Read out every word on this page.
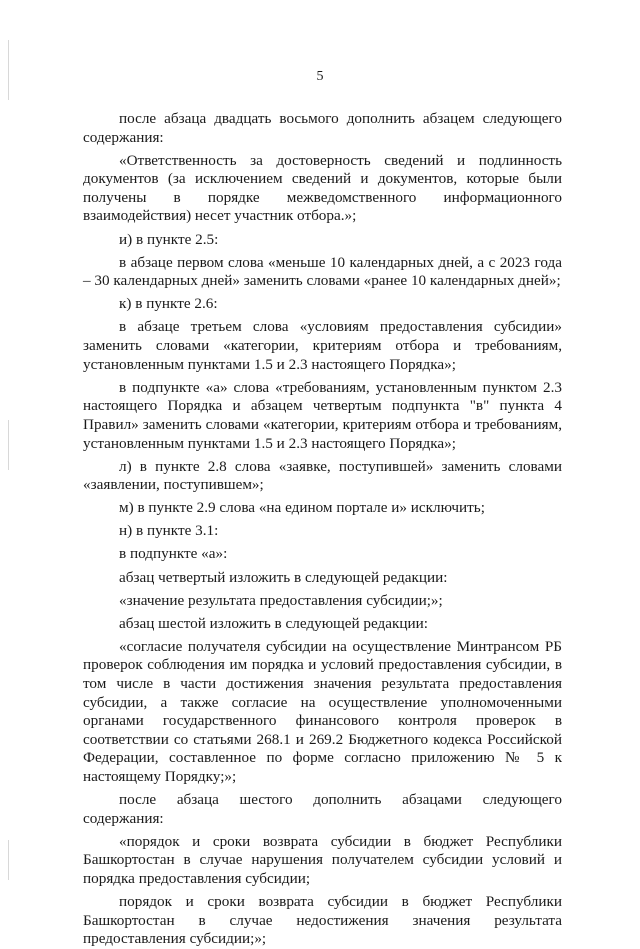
5

после абзаца двадцать восьмого дополнить абзацем следующего содержания:

«Ответственность за достоверность сведений и подлинность документов (за исключением сведений и документов, которые были получены в порядке межведомственного информационного взаимодействия) несет участник отбора.»;

и) в пункте 2.5:

в абзаце первом слова «меньше 10 календарных дней, а с 2023 года – 30 календарных дней» заменить словами «ранее 10 календарных дней»;

к) в пункте 2.6:

в абзаце третьем слова «условиям предоставления субсидии» заменить словами «категории, критериям отбора и требованиям, установленным пунктами 1.5 и 2.3 настоящего Порядка»;

в подпункте «а» слова «требованиям, установленным пунктом 2.3 настоящего Порядка и абзацем четвертым подпункта "в" пункта 4 Правил» заменить словами «категории, критериям отбора и требованиям, установленным пунктами 1.5 и 2.3 настоящего Порядка»;

л) в пункте 2.8 слова «заявке, поступившей» заменить словами «заявлении, поступившем»;

м) в пункте 2.9 слова «на едином портале и» исключить;

н) в пункте 3.1:

в подпункте «а»:

абзац четвертый изложить в следующей редакции:

«значение результата предоставления субсидии;»;

абзац шестой изложить в следующей редакции:

«согласие получателя субсидии на осуществление Минтрансом РБ проверок соблюдения им порядка и условий предоставления субсидии, в том числе в части достижения значения результата предоставления субсидии, а также согласие на осуществление уполномоченными органами государственного финансового контроля проверок в соответствии со статьями 268.1 и 269.2 Бюджетного кодекса Российской Федерации, составленное по форме согласно приложению № 5 к настоящему Порядку;»;

после абзаца шестого дополнить абзацами следующего содержания:

«порядок и сроки возврата субсидии в бюджет Республики Башкортостан в случае нарушения получателем субсидии условий и порядка предоставления субсидии;

порядок и сроки возврата субсидии в бюджет Республики Башкортостан в случае недостижения значения результата предоставления субсидии;»;
